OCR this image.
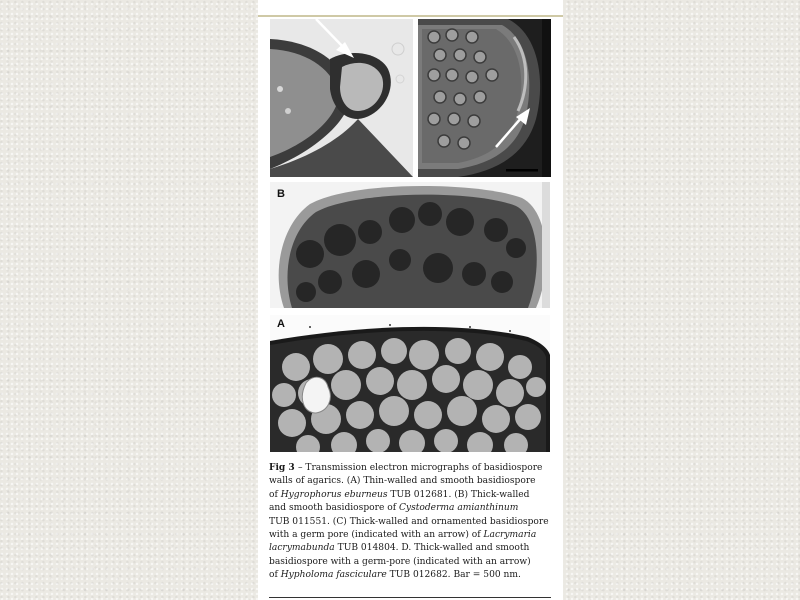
B
A

Fig 3 – Transmission electron micrographs of basidiospore

walls of agarics. (A) Thin-walled and smooth basidiospore

of Hygrophorus eburneus TUB 012681. (B) Thick-walled

and smooth basidiospore of Cystoderma amianthinum

TUB 011551. (C) Thick-walled and ornamented basidiospore

with a germ pore (indicated with an arrow) of Lacrymaria

lacrymabunda TUB 014804. D. Thick-walled and smooth

basidiospore with a germ-pore (indicated with an arrow)

of Hypholoma fasciculare TUB 012682. Bar = 500 nm.
